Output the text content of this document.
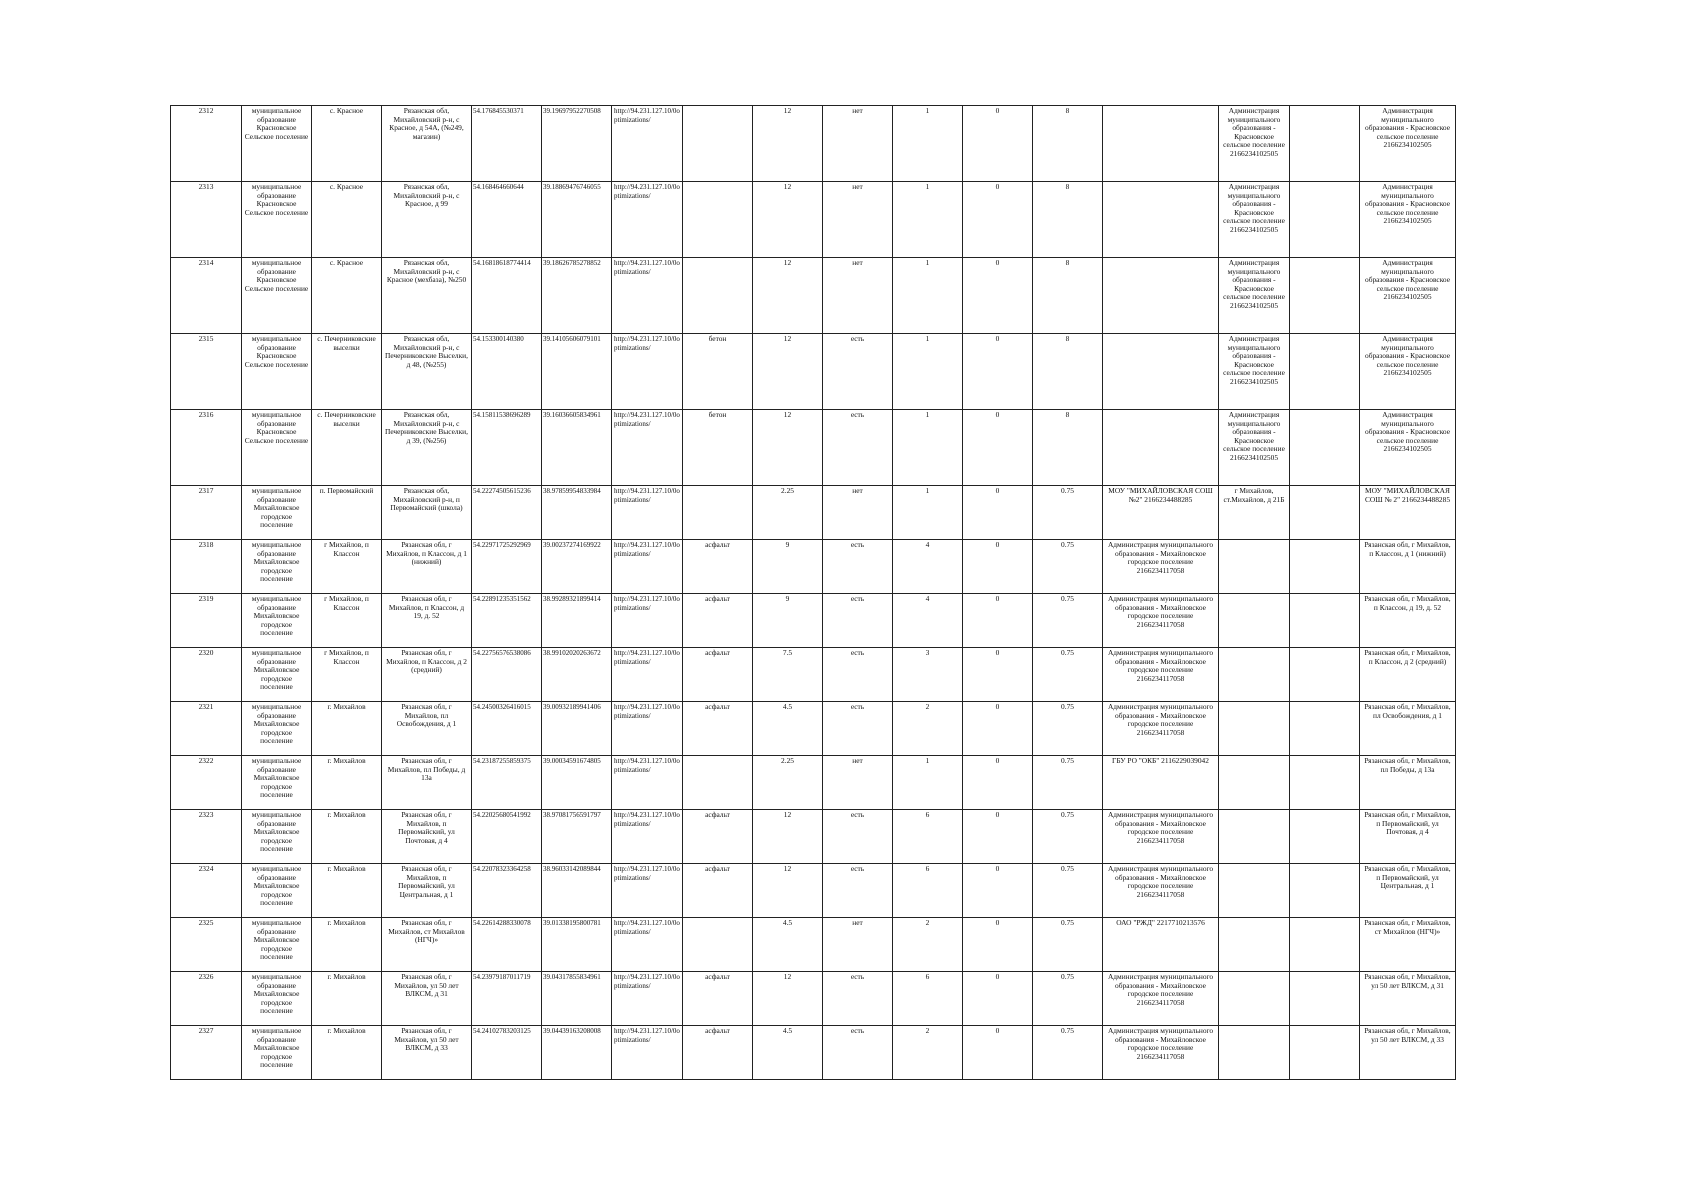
2312	муниципальное образование Красновское Сельское поселение	с. Красное	Рязанская обл, Михайловский р-н, с Красное, д 54А, (№249, магазин)	54.176845530371	39.19697952270508	http://94.231.127.10/0optimizations/		12	нет	1	0	8		Администрация муниципального образования - Красновское сельское поселение 2166234102505		Администрация муниципального образования - Красновское сельское поселение 2166234102505
2313	муниципальное образование Красновское Сельское поселение	с. Красное	Рязанская обл, Михайловский р-н, с Красное, д 99	54.168464660644	39.18869476746055	http://94.231.127.10/0optimizations/		12	нет	1	0	8		Администрация муниципального образования - Красновское сельское поселение 2166234102505		Администрация муниципального образования - Красновское сельское поселение 2166234102505
2314	муниципальное образование Красновское Сельское поселение	с. Красное	Рязанская обл, Михайловский р-н, с Красное (мехбаза), №250	54.16818618774414	39.18626785278852	http://94.231.127.10/0optimizations/		12	нет	1	0	8		Администрация муниципального образования - Красновское сельское поселение 2166234102505		Администрация муниципального образования - Красновское сельское поселение 2166234102505
2315	муниципальное образование Красновское Сельское поселение	с. Печерниковские выселки	Рязанская обл, Михайловский р-н, с Печерниковские Выселки, д 48, (№255)	54.153300140380	39.14105606079101	http://94.231.127.10/0optimizations/	бетон	12	есть	1	0	8		Администрация муниципального образования - Красновское сельское поселение 2166234102505		Администрация муниципального образования - Красновское сельское поселение 2166234102505
2316	муниципальное образование Красновское Сельское поселение	с. Печерниковские выселки	Рязанская обл, Михайловский р-н, с Печерниковские Выселки, д 39, (№256)	54.15811538696289	39.16036605834961	http://94.231.127.10/0optimizations/	бетон	12	есть	1	0	8		Администрация муниципального образования - Красновское сельское поселение 2166234102505		Администрация муниципального образования - Красновское сельское поселение 2166234102505
2317	муниципальное образование Михайловское городское поселение	п. Первомайский	Рязанская обл, Михайловский р-н, п Первомайский (школа)	54.22274505615236	38.97859954833984	http://94.231.127.10/0optimizations/		2.25	нет	1	0	0.75	МОУ "МИХАЙЛОВСКАЯ СОШ №2" 2166234488285	г Михайлов, ст.Михайлов, д 21Б		МОУ "МИХАЙЛОВСКАЯ СОШ № 2" 2166234488285
2318	муниципальное образование Михайловское городское поселение	г Михайлов, п Классон	Рязанская обл, г Михайлов, п Классон, д 1 (нижний)	54.22971725292969	39.00237274169922	http://94.231.127.10/0optimizations/	асфальт	9	есть	4	0	0.75	Администрация муниципального образования - Михайловское городское поселение 2166234117058			Рязанская обл, г Михайлов, п Классон, д 1 (нижний)
2319	муниципальное образование Михайловское городское поселение	г Михайлов, п Классон	Рязанская обл, г Михайлов, п Классон, д 19, д. 52	54.22891235351562	38.99289321899414	http://94.231.127.10/0optimizations/	асфальт	9	есть	4	0	0.75	Администрация муниципального образования - Михайловское городское поселение 2166234117058			Рязанская обл, г Михайлов, п Классон, д 19, д. 52
2320	муниципальное образование Михайловское городское поселение	г Михайлов, п Классон	Рязанская обл, г Михайлов, п Классон, д 2 (средний)	54.22756576538086	38.99102020263672	http://94.231.127.10/0optimizations/	асфальт	7.5	есть	3	0	0.75	Администрация муниципального образования - Михайловское городское поселение 2166234117058			Рязанская обл, г Михайлов, п Классон, д 2 (средний)
2321	муниципальное образование Михайловское городское поселение	г. Михайлов	Рязанская обл, г Михайлов, пл Освобождения, д 1	54.24500326416015	39.00932189941406	http://94.231.127.10/0optimizations/	асфальт	4.5	есть	2	0	0.75	Администрация муниципального образования - Михайловское городское поселение 2166234117058			Рязанская обл, г Михайлов, пл Освобождения, д 1
2322	муниципальное образование Михайловское городское поселение	г. Михайлов	Рязанская обл, г Михайлов, пл Победы, д 13а	54.23187255859375	39.00034591674805	http://94.231.127.10/0optimizations/		2.25	нет	1	0	0.75	ГБУ РО "ОКБ" 2116229039042			Рязанская обл, г Михайлов, пл Победы, д 13а
2323	муниципальное образование Михайловское городское поселение	г. Михайлов	Рязанская обл, г Михайлов, п Первомайский, ул Почтовая, д 4	54.22025680541992	38.97081756591797	http://94.231.127.10/0optimizations/	асфальт	12	есть	6	0	0.75	Администрация муниципального образования - Михайловское городское поселение 2166234117058			Рязанская обл, г Михайлов, п Первомайский, ул Почтовая, д 4
2324	муниципальное образование Михайловское городское поселение	г. Михайлов	Рязанская обл, г Михайлов, п Первомайский, ул Центральная, д 1	54.22078323364258	38.96033142089844	http://94.231.127.10/0optimizations/	асфальт	12	есть	6	0	0.75	Администрация муниципального образования - Михайловское городское поселение 2166234117058			Рязанская обл, г Михайлов, п Первомайский, ул Центральная, д 1
2325	муниципальное образование Михайловское городское поселение	г. Михайлов	Рязанская обл, г Михайлов, ст Михайлов (НГЧ)»	54.22614288330078	39.01338195800781	http://94.231.127.10/0optimizations/		4.5	нет	2	0	0.75	ОАО "РЖД" 2217710213576			Рязанская обл, г Михайлов, ст Михайлов (НГЧ)»
2326	муниципальное образование Михайловское городское поселение	г. Михайлов	Рязанская обл, г Михайлов, ул 50 лет ВЛКСМ, д 31	54.23979187011719	39.04317855834961	http://94.231.127.10/0optimizations/	асфальт	12	есть	6	0	0.75	Администрация муниципального образования - Михайловское городское поселение 2166234117058			Рязанская обл, г Михайлов, ул 50 лет ВЛКСМ, д 31
2327	муниципальное образование Михайловское городское поселение	г. Михайлов	Рязанская обл, г Михайлов, ул 50 лет ВЛКСМ, д 33	54.24102783203125	39.04439163208008	http://94.231.127.10/0optimizations/	асфальт	4.5	есть	2	0	0.75	Администрация муниципального образования - Михайловское городское поселение 2166234117058			Рязанская обл, г Михайлов, ул 50 лет ВЛКСМ, д 33
